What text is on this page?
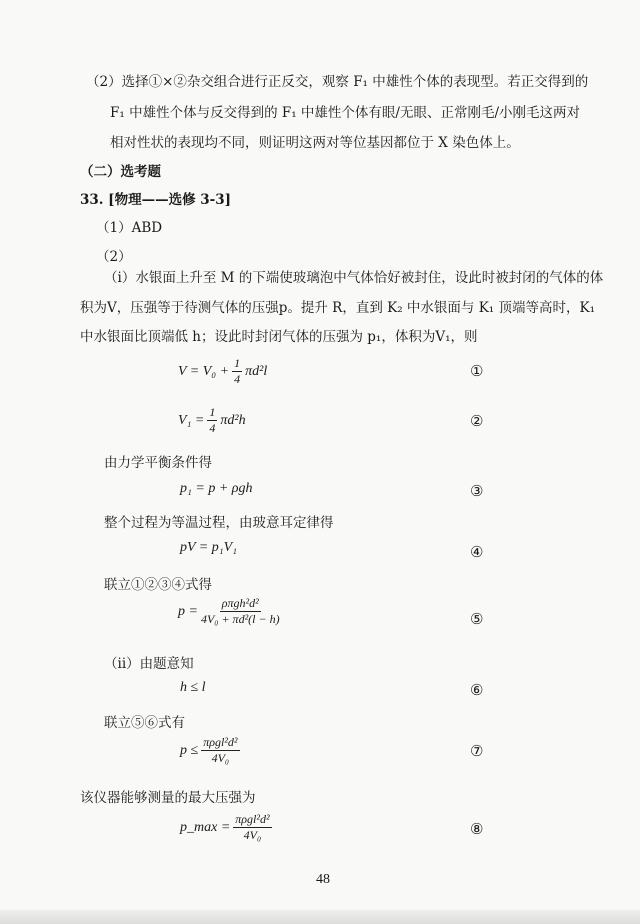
（2）选择①×②杂交组合进行正反交，观察 F₁ 中雄性个体的表现型。若正交得到的
F₁ 中雄性个体与反交得到的 F₁ 中雄性个体有眼/无眼、正常刚毛/小刚毛这两对
相对性状的表现均不同，则证明这两对等位基因都位于 X 染色体上。
（二）选考题
33. [物理——选修 3-3]
（1）ABD
（2）
（i）水银面上升至 M 的下端使玻璃泡中气体恰好被封住，设此时被封闭的气体的体
积为V，压强等于待测气体的压强p。提升 R，直到 K₂ 中水银面与 K₁ 顶端等高时，K₁
中水银面比顶端低 h；设此时封闭气体的压强为 p₁，体积为V₁，则
$V = V_0 + \frac{1}{4} \pi d^2l$	①
$V_1 = \frac{1}{4} \pi d^2h$	②
由力学平衡条件得
p₁ = p + ρgh	③
整个过程为等温过程，由玻意耳定律得
pV = p₁V₁	④
联立①②③④式得
p =
ρπgh²d²
4V₀ + πd²(l − h)	⑤
（ii）由题意知
h ≤ l	⑥
联立⑤⑥式有
p ≤
πρgl²d²
4V₀	⑦
该仪器能够测量的最大压强为
p_max =
πρgl²d²
4V₀	⑧
48
